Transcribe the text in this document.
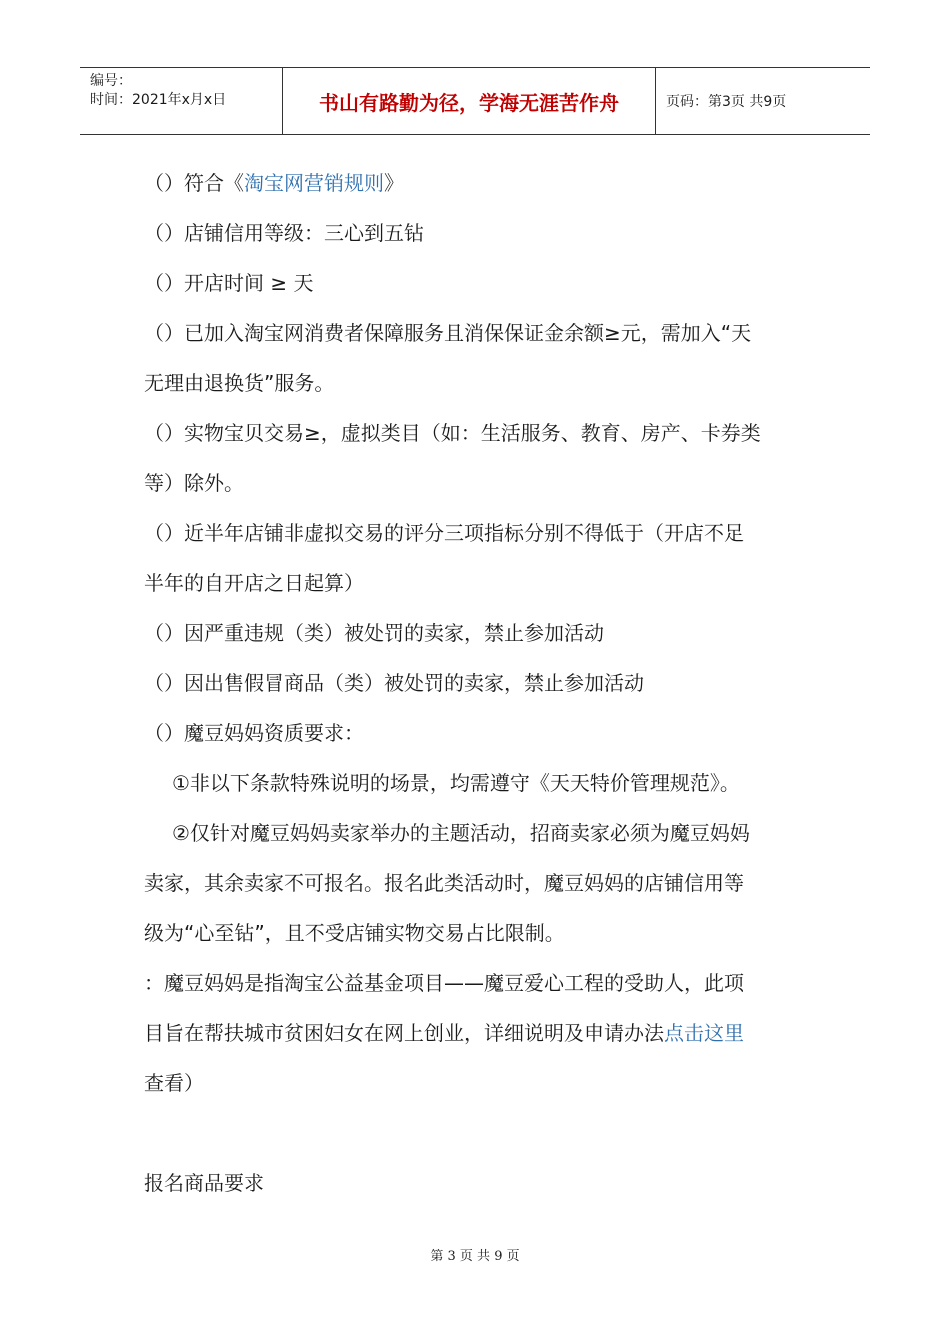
编号：
时间：2021年x月x日	书山有路勤为径，学海无涯苦作舟	页码：第3页 共9页

（）符合《淘宝网营销规则》

（）店铺信用等级：三心到五钻

（）开店时间 ≥ 天

（）已加入淘宝网消费者保障服务且消保保证金余额≥元，需加入“天

无理由退换货”服务。

（）实物宝贝交易≥，虚拟类目（如：生活服务、教育、房产、卡券类

等）除外。

（）近半年店铺非虚拟交易的评分三项指标分别不得低于（开店不足

半年的自开店之日起算）

（）因严重违规（类）被处罚的卖家，禁止参加活动

（）因出售假冒商品（类）被处罚的卖家，禁止参加活动

（）魔豆妈妈资质要求：

①非以下条款特殊说明的场景，均需遵守《天天特价管理规范》。

②仅针对魔豆妈妈卖家举办的主题活动，招商卖家必须为魔豆妈妈

卖家，其余卖家不可报名。报名此类活动时，魔豆妈妈的店铺信用等

级为“心至钻”，且不受店铺实物交易占比限制。

：魔豆妈妈是指淘宝公益基金项目——魔豆爱心工程的受助人，此项

目旨在帮扶城市贫困妇女在网上创业，详细说明及申请办法点击这里

查看）

报名商品要求

第 3 页 共 9 页
